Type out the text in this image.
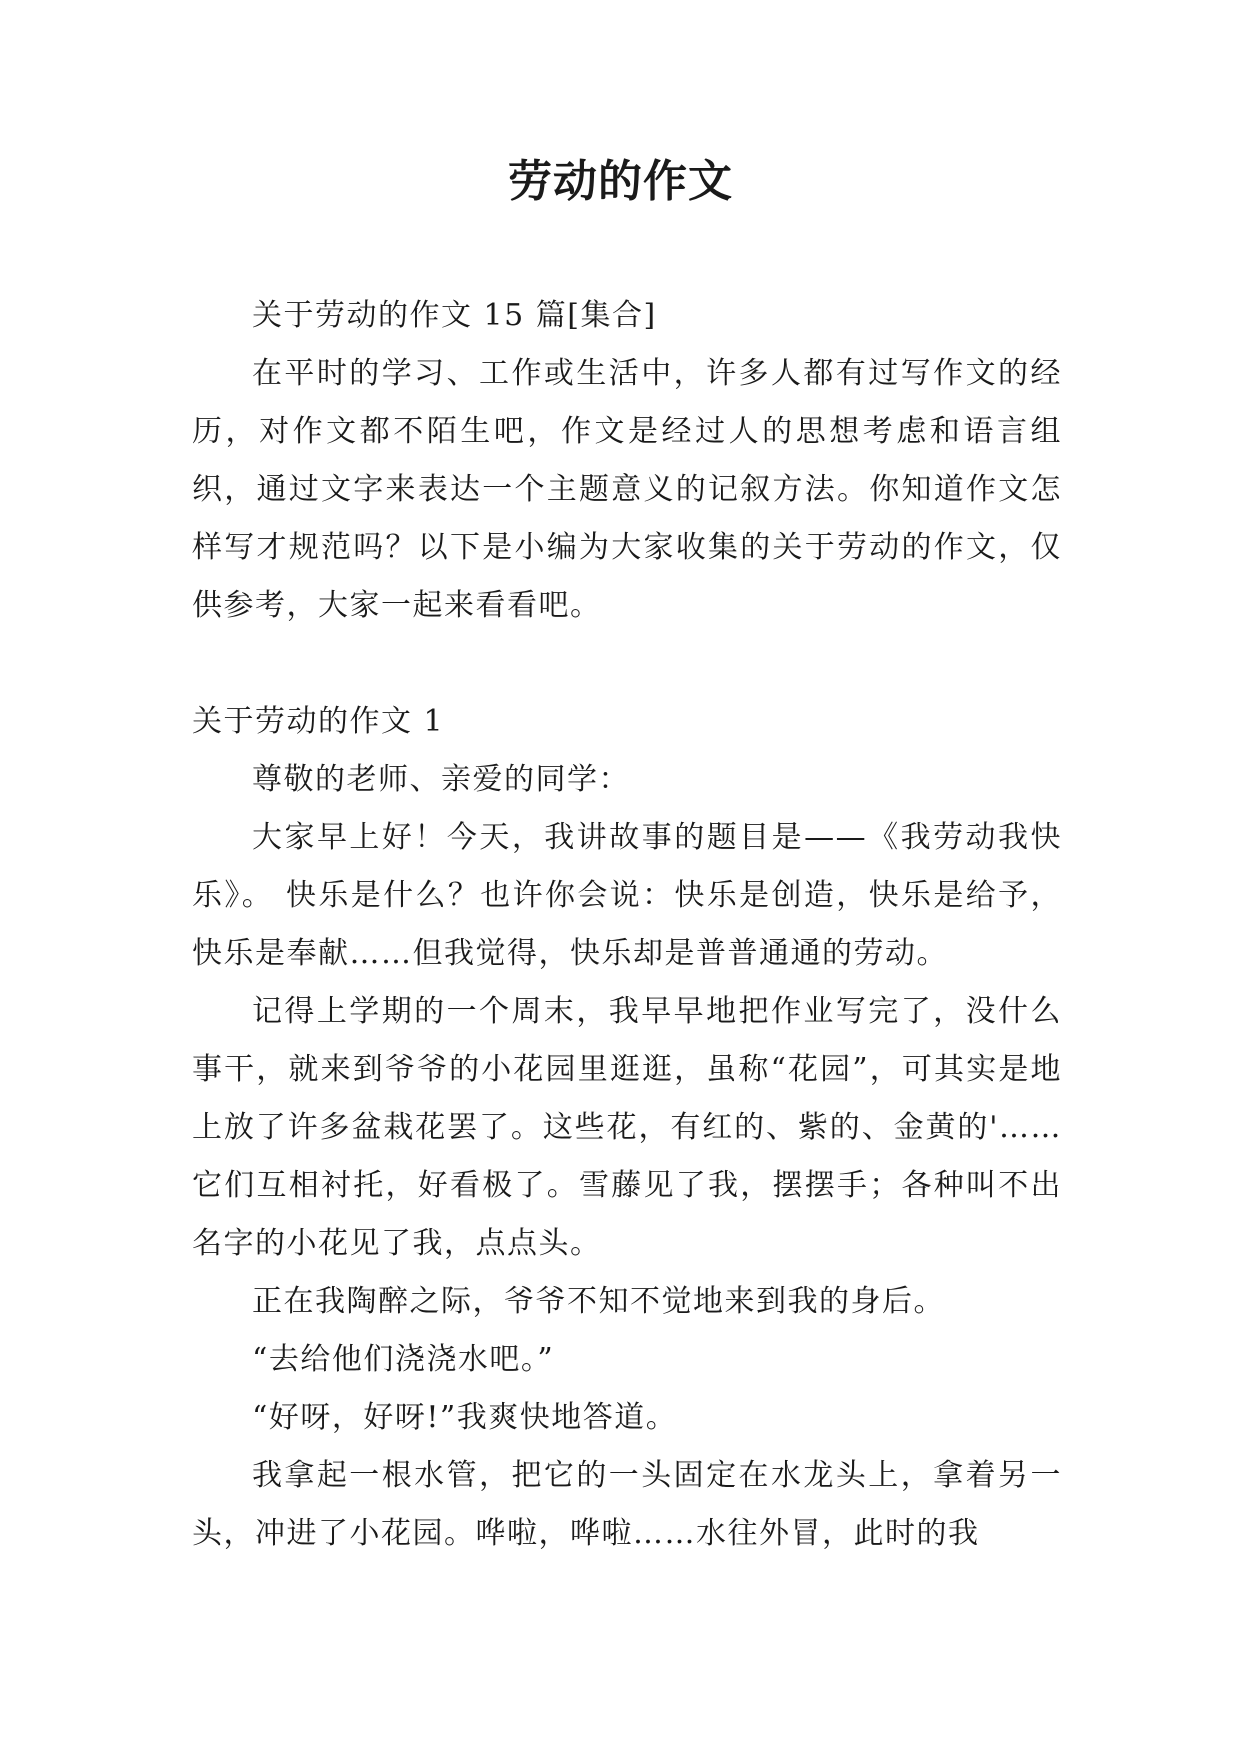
劳动的作文

关于劳动的作文 15 篇[集合]

在平时的学习、工作或生活中，许多人都有过写作文的经历，对作文都不陌生吧，作文是经过人的思想考虑和语言组织，通过文字来表达一个主题意义的记叙方法。你知道作文怎样写才规范吗？以下是小编为大家收集的关于劳动的作文，仅供参考，大家一起来看看吧。

关于劳动的作文 1

尊敬的老师、亲爱的同学：

大家早上好！今天，我讲故事的题目是——《我劳动我快乐》。 快乐是什么？也许你会说：快乐是创造，快乐是给予，快乐是奉献……但我觉得，快乐却是普普通通的劳动。

记得上学期的一个周末，我早早地把作业写完了，没什么事干，就来到爷爷的小花园里逛逛，虽称“花园”，可其实是地上放了许多盆栽花罢了。这些花，有红的、紫的、金黄的'……它们互相衬托，好看极了。雪藤见了我，摆摆手；各种叫不出名字的小花见了我，点点头。

正在我陶醉之际，爷爷不知不觉地来到我的身后。

“去给他们浇浇水吧。”

“好呀，好呀!”我爽快地答道。

我拿起一根水管，把它的一头固定在水龙头上，拿着另一头，冲进了小花园。哗啦，哗啦……水往外冒，此时的我
